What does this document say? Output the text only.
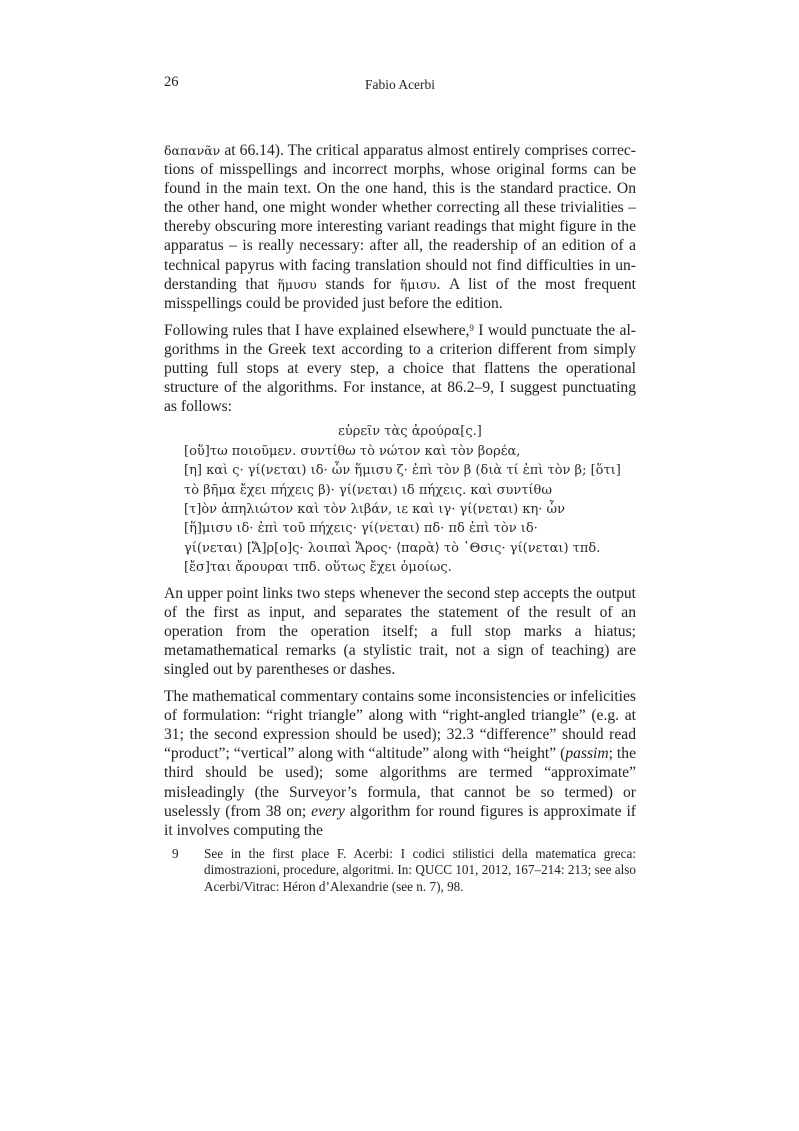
26	Fabio Acerbi

δαπανᾶν at 66.14). The critical apparatus almost entirely comprises corrections of misspellings and incorrect morphs, whose original forms can be found in the main text. On the one hand, this is the standard practice. On the other hand, one might wonder whether correcting all these trivialities – thereby obscuring more interesting variant readings that might figure in the apparatus – is really necessary: after all, the readership of an edition of a technical papyrus with facing translation should not find difficulties in understanding that ἥμυσυ stands for ἥμισυ. A list of the most frequent misspellings could be provided just before the edition.

Following rules that I have explained elsewhere,$^9$ I would punctuate the algorithms in the Greek text according to a criterion different from simply putting full stops at every step, a choice that flattens the operational structure of the algorithms. For instance, at 86.2–9, I suggest punctuating as follows:

εὑρεῖν τὰς ἀρούρα[ς.]
[οὕ]τω ποιοῦμεν. συντίθω τὸ νώτον καὶ τὸν βορέα,
[η] καὶ ς· γί(νεται) ιδ· ὧν ἥμισυ ζ· ἐπὶ τὸν β (διὰ τί ἐπὶ τὸν β; [ὅτι]
τὸ βῆμα ἔχει πήχεις β)· γί(νεται) ιδ πήχεις. καὶ συντίθω
[τ]ὸν ἀπηλιώτον καὶ τὸν λιβάν, ιε καὶ ιγ· γί(νεται) κη· ὧν
[ἥ]μισυ ιδ· ἐπὶ τοῦ πήχεις· γί(νεται) πδ· πδ ἐπὶ τὸν ιδ·
γί(νεται) [Ἄ]ρ[ο]ς· λοιπαὶ Ἄρος· ⟨παρὰ⟩ τὸ ῾Θσις· γί(νεται) τπδ.
[ἔσ]ται ἄρουραι τπδ. οὕτως ἔχει ὁμοίως.

An upper point links two steps whenever the second step accepts the output of the first as input, and separates the statement of the result of an operation from the operation itself; a full stop marks a hiatus; metamathematical remarks (a stylistic trait, not a sign of teaching) are singled out by parentheses or dashes.

The mathematical commentary contains some inconsistencies or infelicities of formulation: “right triangle” along with “right-angled triangle” (e.g. at 31; the second expression should be used); 32.3 “difference” should read “product”; “vertical” along with “altitude” along with “height” (passim; the third should be used); some algorithms are termed “approximate” misleadingly (the Surveyor’s formula, that cannot be so termed) or uselessly (from 38 on; every algorithm for round figures is approximate if it involves computing the

9 See in the first place F. Acerbi: I codici stilistici della matematica greca: dimostrazioni, procedure, algoritmi. In: QUCC 101, 2012, 167–214: 213; see also Acerbi/Vitrac: Héron d’Alexandrie (see n. 7), 98.
